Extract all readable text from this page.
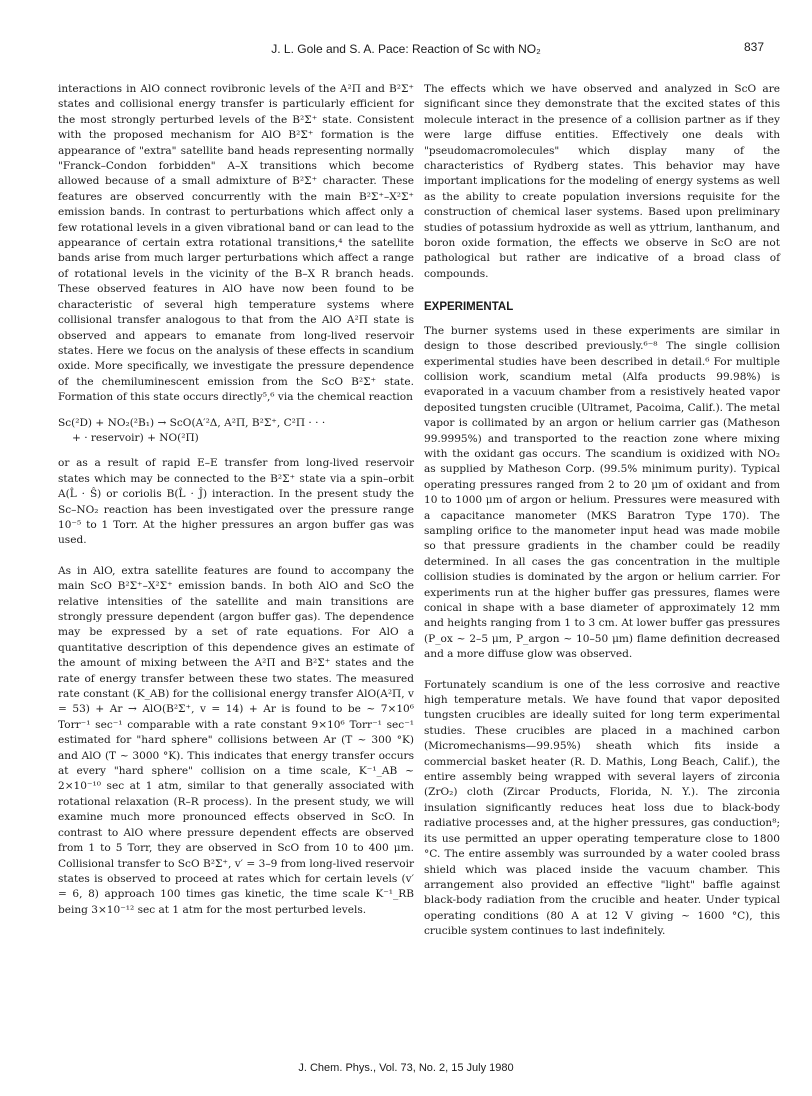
J. L. Gole and S. A. Pace: Reaction of Sc with NO₂	837

interactions in AlO connect rovibronic levels of the A²Π and B²Σ⁺ states and collisional energy transfer is particularly efficient for the most strongly perturbed levels of the B²Σ⁺ state. Consistent with the proposed mechanism for AlO B²Σ⁺ formation is the appearance of "extra" satellite band heads representing normally "Franck–Condon forbidden" A–X transitions which become allowed because of a small admixture of B²Σ⁺ character. These features are observed concurrently with the main B²Σ⁺–X²Σ⁺ emission bands. In contrast to perturbations which affect only a few rotational levels in a given vibrational band or can lead to the appearance of certain extra rotational transitions,⁴ the satellite bands arise from much larger perturbations which affect a range of rotational levels in the vicinity of the B–X R branch heads. These observed features in AlO have now been found to be characteristic of several high temperature systems where collisional transfer analogous to that from the AlO A²Π state is observed and appears to emanate from long-lived reservoir states. Here we focus on the analysis of these effects in scandium oxide. More specifically, we investigate the pressure dependence of the chemiluminescent emission from the ScO B²Σ⁺ state. Formation of this state occurs directly⁵,⁶ via the chemical reaction

Sc(²D) + NO₂(²B₁) → ScO(A′²Δ, A²Π, B²Σ⁺, C²Π · · ·
+ · reservoir) + NO(²Π)

or as a result of rapid E–E transfer from long-lived reservoir states which may be connected to the B²Σ⁺ state via a spin–orbit A(L̂ · Ŝ) or coriolis B(L̂ · Ĵ) interaction. In the present study the Sc–NO₂ reaction has been investigated over the pressure range 10⁻⁵ to 1 Torr. At the higher pressures an argon buffer gas was used.

As in AlO, extra satellite features are found to accompany the main ScO B²Σ⁺–X²Σ⁺ emission bands. In both AlO and ScO the relative intensities of the satellite and main transitions are strongly pressure dependent (argon buffer gas). The dependence may be expressed by a set of rate equations. For AlO a quantitative description of this dependence gives an estimate of the amount of mixing between the A²Π and B²Σ⁺ states and the rate of energy transfer between these two states. The measured rate constant (K_AB) for the collisional energy transfer AlO(A²Π, v = 53) + Ar → AlO(B²Σ⁺, v = 14) + Ar is found to be ~ 7×10⁶ Torr⁻¹ sec⁻¹ comparable with a rate constant 9×10⁶ Torr⁻¹ sec⁻¹ estimated for "hard sphere" collisions between Ar (T ~ 300 °K) and AlO (T ~ 3000 °K). This indicates that energy transfer occurs at every "hard sphere" collision on a time scale, K⁻¹_AB ~ 2×10⁻¹⁰ sec at 1 atm, similar to that generally associated with rotational relaxation (R–R process). In the present study, we will examine much more pronounced effects observed in ScO. In contrast to AlO where pressure dependent effects are observed from 1 to 5 Torr, they are observed in ScO from 10 to 400 μm. Collisional transfer to ScO B²Σ⁺, v′ = 3–9 from long-lived reservoir states is observed to proceed at rates which for certain levels (v′ = 6, 8) approach 100 times gas kinetic, the time scale K⁻¹_RB being 3×10⁻¹² sec at 1 atm for the most perturbed levels.

The effects which we have observed and analyzed in ScO are significant since they demonstrate that the excited states of this molecule interact in the presence of a collision partner as if they were large diffuse entities. Effectively one deals with "pseudomacromolecules" which display many of the characteristics of Rydberg states. This behavior may have important implications for the modeling of energy systems as well as the ability to create population inversions requisite for the construction of chemical laser systems. Based upon preliminary studies of potassium hydroxide as well as yttrium, lanthanum, and boron oxide formation, the effects we observe in ScO are not pathological but rather are indicative of a broad class of compounds.

EXPERIMENTAL

The burner systems used in these experiments are similar in design to those described previously.⁶⁻⁸ The single collision experimental studies have been described in detail.⁶ For multiple collision work, scandium metal (Alfa products 99.98%) is evaporated in a vacuum chamber from a resistively heated vapor deposited tungsten crucible (Ultramet, Pacoima, Calif.). The metal vapor is collimated by an argon or helium carrier gas (Matheson 99.9995%) and transported to the reaction zone where mixing with the oxidant gas occurs. The scandium is oxidized with NO₂ as supplied by Matheson Corp. (99.5% minimum purity). Typical operating pressures ranged from 2 to 20 μm of oxidant and from 10 to 1000 μm of argon or helium. Pressures were measured with a capacitance manometer (MKS Baratron Type 170). The sampling orifice to the manometer input head was made mobile so that pressure gradients in the chamber could be readily determined. In all cases the gas concentration in the multiple collision studies is dominated by the argon or helium carrier. For experiments run at the higher buffer gas pressures, flames were conical in shape with a base diameter of approximately 12 mm and heights ranging from 1 to 3 cm. At lower buffer gas pressures (P_ox ~ 2–5 μm, P_argon ~ 10–50 μm) flame definition decreased and a more diffuse glow was observed.

Fortunately scandium is one of the less corrosive and reactive high temperature metals. We have found that vapor deposited tungsten crucibles are ideally suited for long term experimental studies. These crucibles are placed in a machined carbon (Micromechanisms—99.95%) sheath which fits inside a commercial basket heater (R. D. Mathis, Long Beach, Calif.), the entire assembly being wrapped with several layers of zirconia (ZrO₂) cloth (Zircar Products, Florida, N. Y.). The zirconia insulation significantly reduces heat loss due to black-body radiative processes and, at the higher pressures, gas conduction⁸; its use permitted an upper operating temperature close to 1800 °C. The entire assembly was surrounded by a water cooled brass shield which was placed inside the vacuum chamber. This arrangement also provided an effective "light" baffle against black-body radiation from the crucible and heater. Under typical operating conditions (80 A at 12 V giving ~ 1600 °C), this crucible system continues to last indefinitely.

J. Chem. Phys., Vol. 73, No. 2, 15 July 1980
